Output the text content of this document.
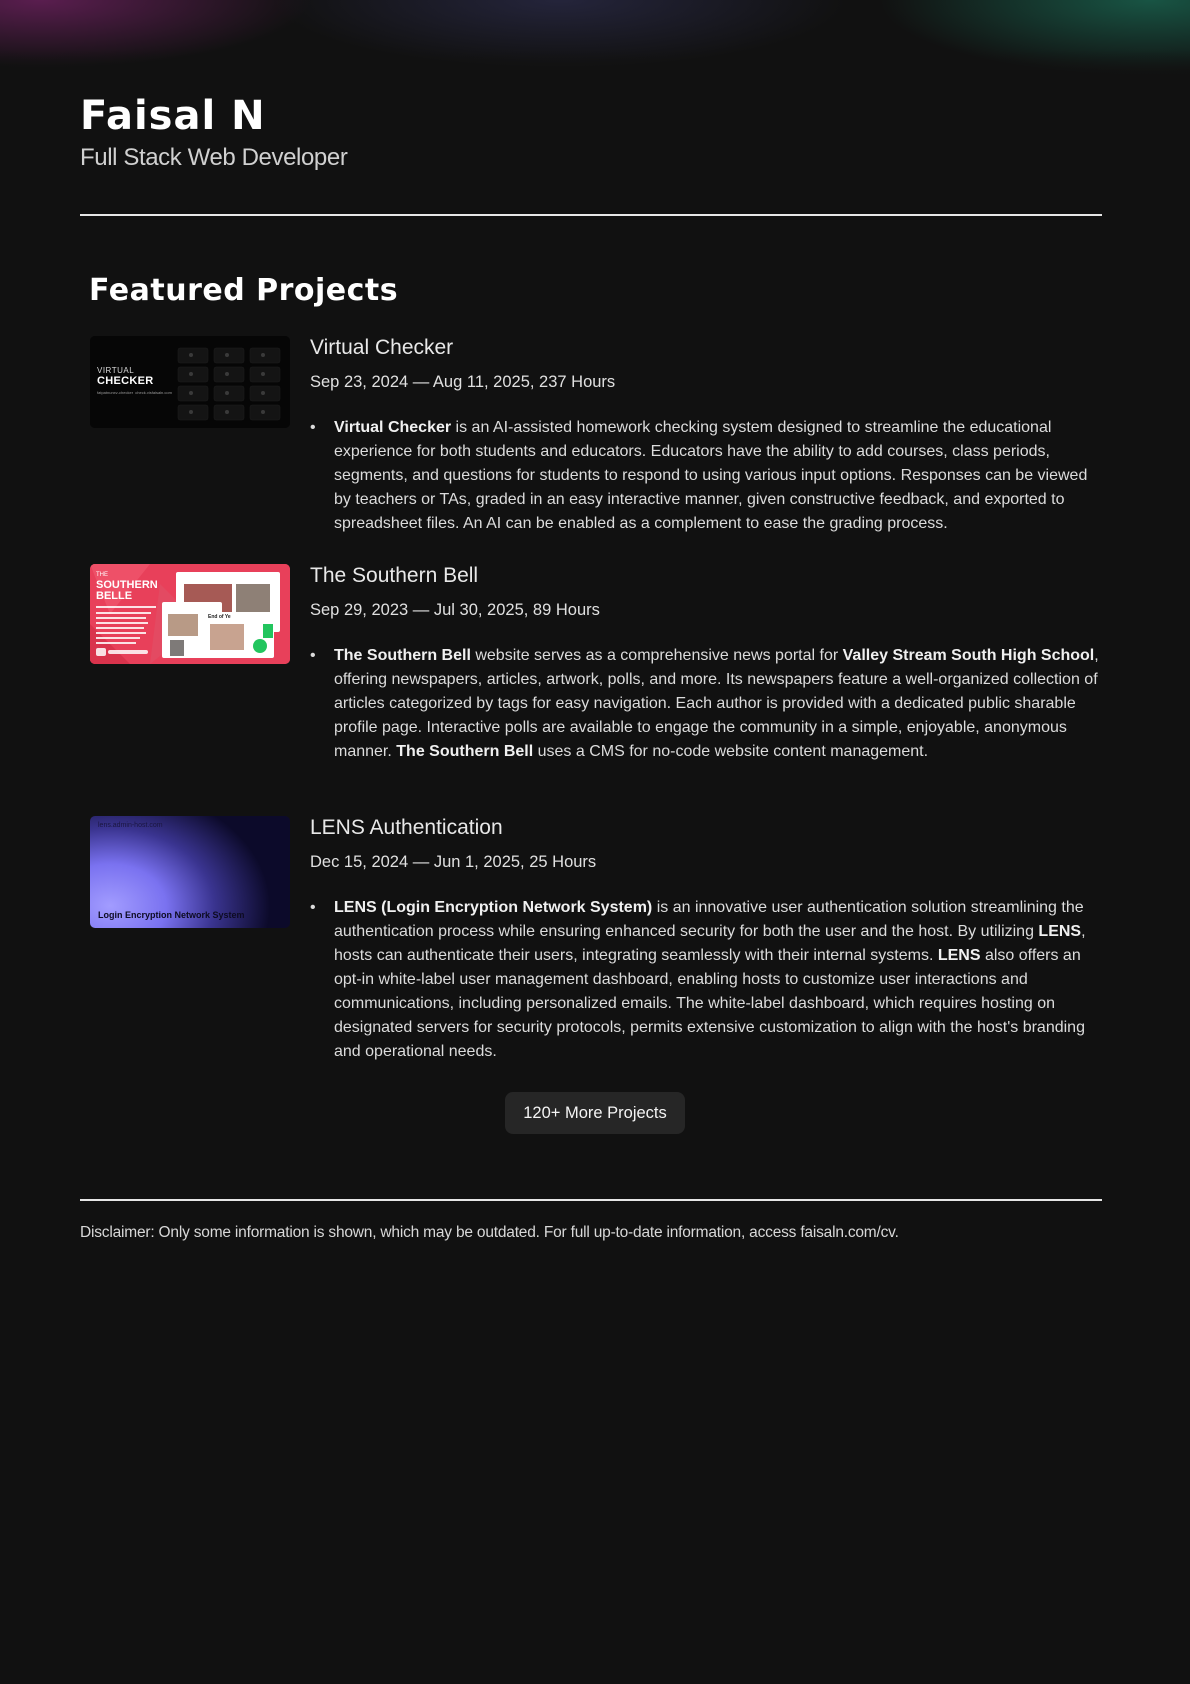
Faisal N
Full Stack Web Developer
Featured Projects
VIRTUAL
CHECKER
fatpatnunxv-checker check.visfaisaln.com
Virtual Checker
Sep 23, 2024 — Aug 11, 2025, 237 Hours
•	Virtual Checker is an AI-assisted homework checking system designed to streamline the educational experience for both students and educators. Educators have the ability to add courses, class periods, segments, and questions for students to respond to using various input options. Responses can be viewed by teachers or TAs, graded in an easy interactive manner, given constructive feedback, and exported to spreadsheet files. An AI can be enabled as a complement to ease the grading process.
THE
SOUTHERN
BELLE
End of Ye
The Southern Bell
Sep 29, 2023 — Jul 30, 2025, 89 Hours
•	The Southern Bell website serves as a comprehensive news portal for Valley Stream South High School, offering newspapers, articles, artwork, polls, and more. Its newspapers feature a well-organized collection of articles categorized by tags for easy navigation. Each author is provided with a dedicated public sharable profile page. Interactive polls are available to engage the community in a simple, enjoyable, anonymous manner. The Southern Bell uses a CMS for no-code website content management.
lens.admin-host.com
Login Encryption Network System
LENS Authentication
Dec 15, 2024 — Jun 1, 2025, 25 Hours
•	LENS (Login Encryption Network System) is an innovative user authentication solution streamlining the authentication process while ensuring enhanced security for both the user and the host. By utilizing LENS, hosts can authenticate their users, integrating seamlessly with their internal systems. LENS also offers an opt-in white-label user management dashboard, enabling hosts to customize user interactions and communications, including personalized emails. The white-label dashboard, which requires hosting on designated servers for security protocols, permits extensive customization to align with the host's branding and operational needs.
120+ More Projects
Disclaimer: Only some information is shown, which may be outdated. For full up-to-date information, access faisaln.com/cv.
